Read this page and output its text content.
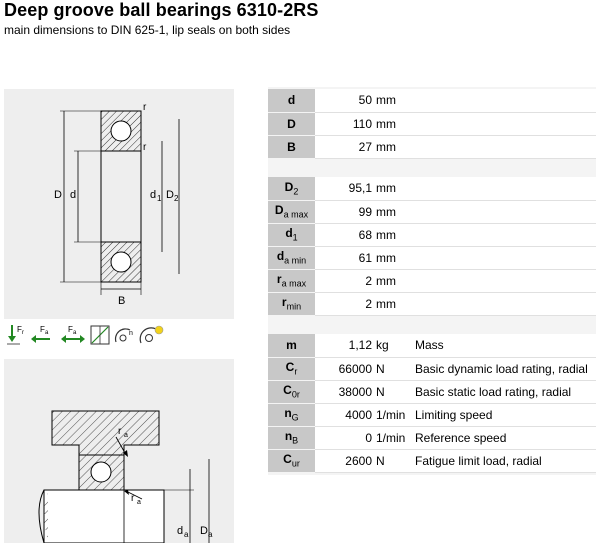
Deep groove ball bearings 6310-2RS
main dimensions to DIN 625-1, lip seals on both sides
D d	d 1 D 2
B
r
r
F r F a F a	n
r a
r a
d a D a
d	50	mm	
D	110	mm	
B	27	mm	
$D_2$	95,1	mm	
$D_{a max}$	99	mm	
$d_1$	68	mm	
$d_{a min}$	61	mm	
$r_{a max}$	2	mm	
$r_{min}$	2	mm	
m	1,12	kg	Mass
$C_r$	66000	N	Basic dynamic load rating, radial
$C_{0r}$	38000	N	Basic static load rating, radial
$n_G$	4000	1/min	Limiting speed
$n_B$	0	1/min	Reference speed
$C_{ur}$	2600	N	Fatigue limit load, radial
